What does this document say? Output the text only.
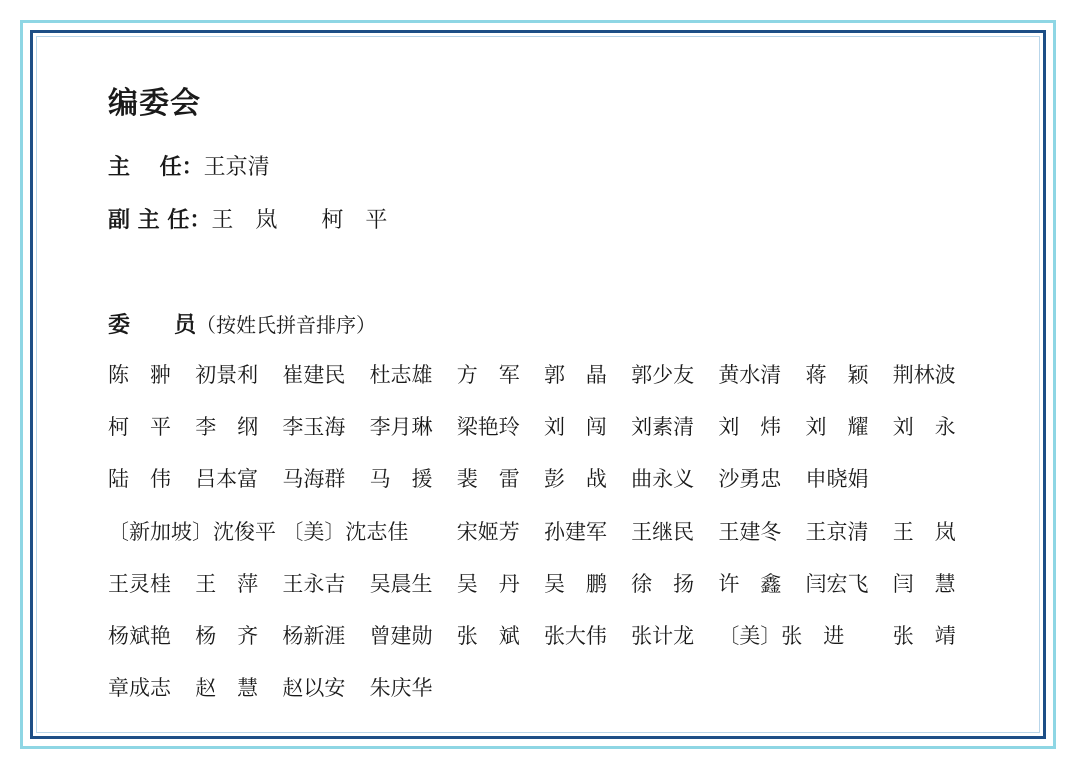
编委会
主　 任：王京清
副 主 任：王　岚　　柯　平
委　　员（按姓氏拼音排序）
陈　翀	初景利	崔建民	杜志雄	方　军	郭　晶	郭少友	黄水清	蒋　颖	荆林波
柯　平	李　纲	李玉海	李月琳	梁艳玲	刘　闯	刘素清	刘　炜	刘　耀	刘　永
陆　伟	吕本富	马海群	马　援	裴　雷	彭　战	曲永义	沙勇忠	申晓娟
〔新加坡〕沈俊平 〔美〕沈志佳	宋姬芳	孙建军	王继民	王建冬	王京清	王　岚
王灵桂	王　萍	王永吉	吴晨生	吴　丹	吴　鹏	徐　扬	许　鑫	闫宏飞	闫　慧
杨斌艳	杨　齐	杨新涯	曾建勋	张　斌	张大伟	张计龙	〔美〕张　进	张　靖
章成志	赵　慧	赵以安	朱庆华
